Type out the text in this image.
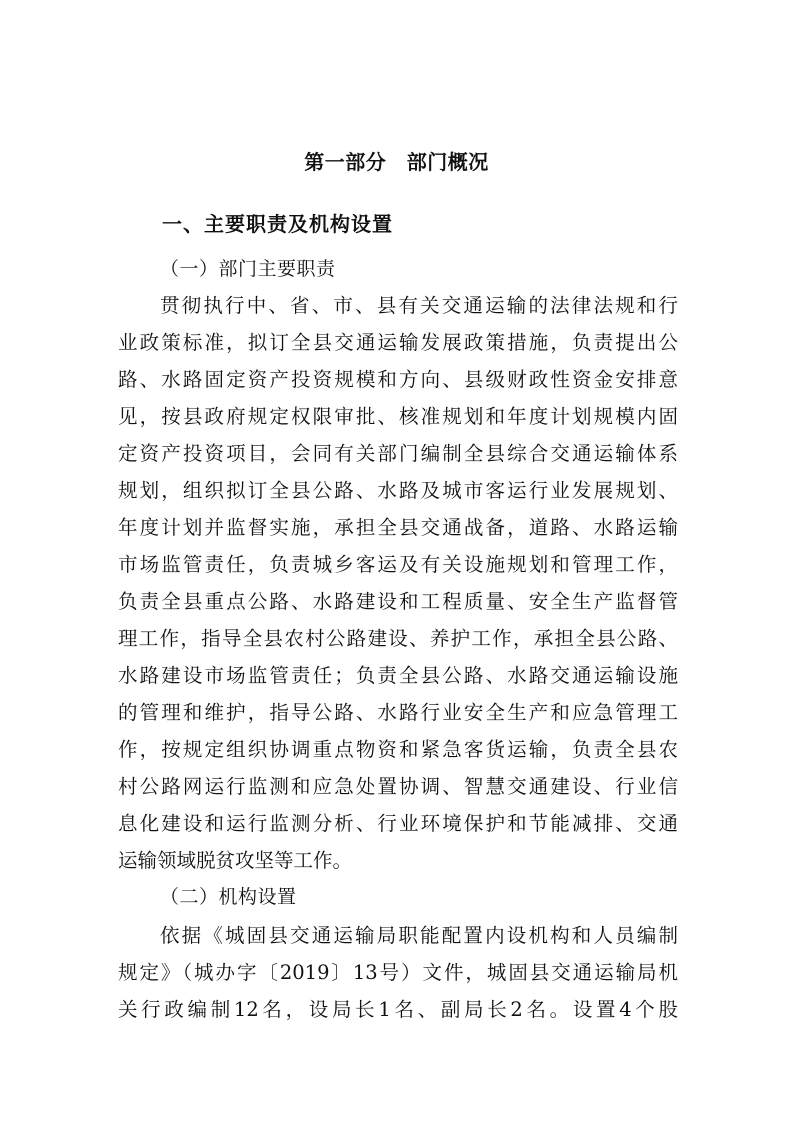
第一部分　部门概况
一、主要职责及机构设置
（一）部门主要职责
贯彻执行中、省、市、县有关交通运输的法律法规和行
业政策标准，拟订全县交通运输发展政策措施，负责提出公
路、水路固定资产投资规模和方向、县级财政性资金安排意
见，按县政府规定权限审批、核准规划和年度计划规模内固
定资产投资项目，会同有关部门编制全县综合交通运输体系
规划，组织拟订全县公路、水路及城市客运行业发展规划、
年度计划并监督实施，承担全县交通战备，道路、水路运输
市场监管责任，负责城乡客运及有关设施规划和管理工作，
负责全县重点公路、水路建设和工程质量、安全生产监督管
理工作，指导全县农村公路建设、养护工作，承担全县公路、
水路建设市场监管责任；负责全县公路、水路交通运输设施
的管理和维护，指导公路、水路行业安全生产和应急管理工
作，按规定组织协调重点物资和紧急客货运输，负责全县农
村公路网运行监测和应急处置协调、智慧交通建设、行业信
息化建设和运行监测分析、行业环境保护和节能减排、交通
运输领域脱贫攻坚等工作。
（二）机构设置
依据《城固县交通运输局职能配置内设机构和人员编制
规定》（城办字〔2019〕13号）文件，城固县交通运输局机
关行政编制12名，设局长1名、副局长2名。设置4个股
